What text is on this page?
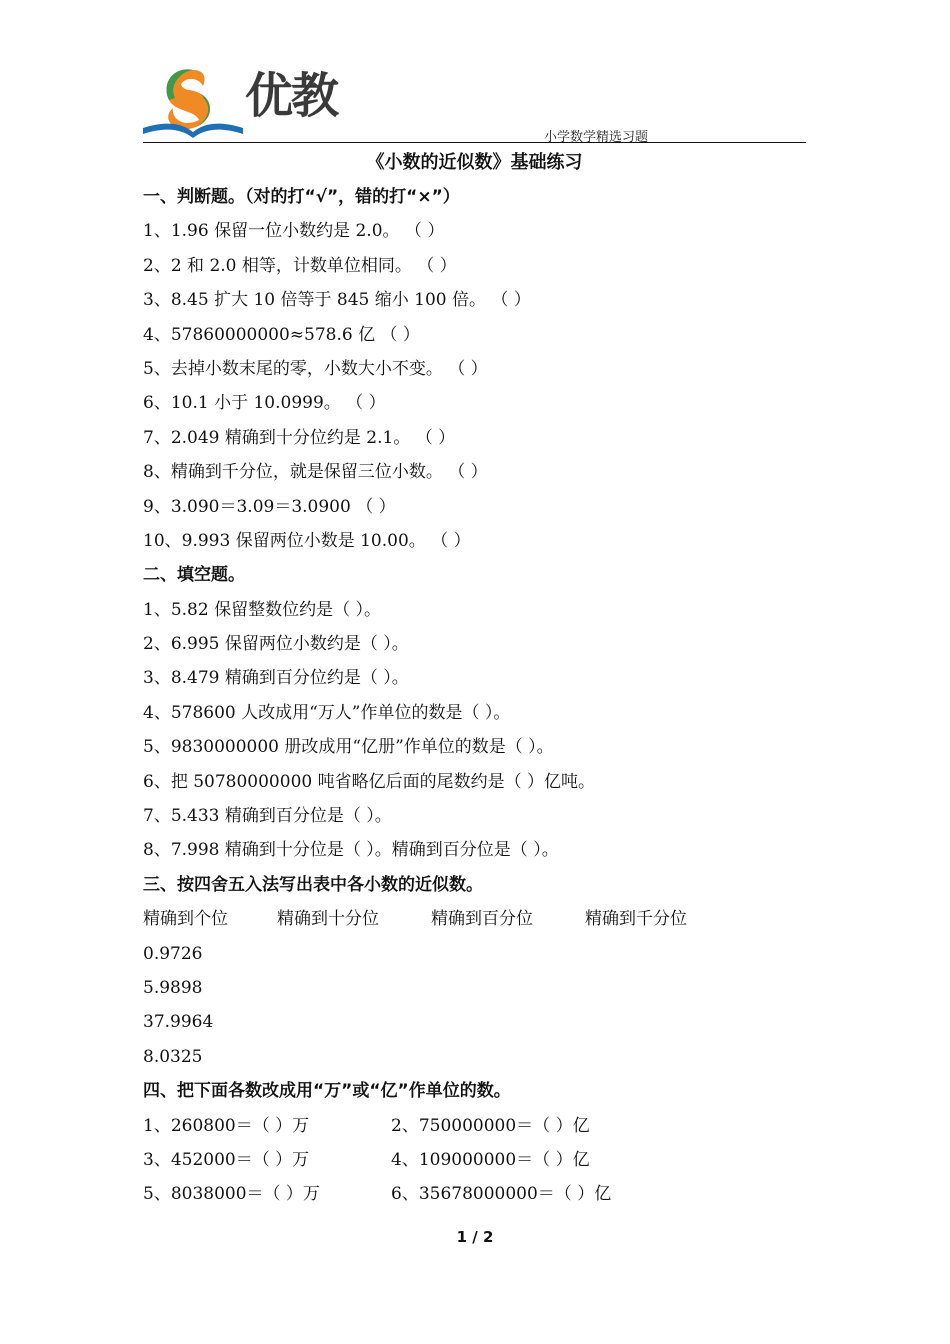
优教
小学数学精选习题
《小数的近似数》基础练习
一、判断题。（对的打“√”，错的打“×”）
1、1.96 保留一位小数约是 2.0。 （ ）
2、2 和 2.0 相等，计数单位相同。 （ ）
3、8.45 扩大 10 倍等于 845 缩小 100 倍。 （ ）
4、57860000000≈578.6 亿 （ ）
5、去掉小数末尾的零，小数大小不变。 （ ）
6、10.1 小于 10.0999。 （ ）
7、2.049 精确到十分位约是 2.1。 （ ）
8、精确到千分位，就是保留三位小数。 （ ）
9、3.090＝3.09＝3.0900 （ ）
10、9.993 保留两位小数是 10.00。 （ ）
二、填空题。
1、5.82 保留整数位约是（ ）。
2、6.995 保留两位小数约是（ ）。
3、8.479 精确到百分位约是（ ）。
4、578600 人改成用“万人”作单位的数是（ ）。
5、9830000000 册改成用“亿册”作单位的数是（ ）。
6、把 50780000000 吨省略亿后面的尾数约是（ ）亿吨。
7、5.433 精确到百分位是（ ）。
8、7.998 精确到十分位是（ ）。精确到百分位是（ ）。
三、按四舍五入法写出表中各小数的近似数。
精确到个位	精确到十分位	精确到百分位	精确到千分位
0.9726
5.9898
37.9964
8.0325
四、把下面各数改成用“万”或“亿”作单位的数。
1、260800＝（ ）万	2、750000000＝（ ）亿
3、452000＝（ ）万	4、109000000＝（ ）亿
5、8038000＝（ ）万	6、35678000000＝（ ）亿
1 / 2
